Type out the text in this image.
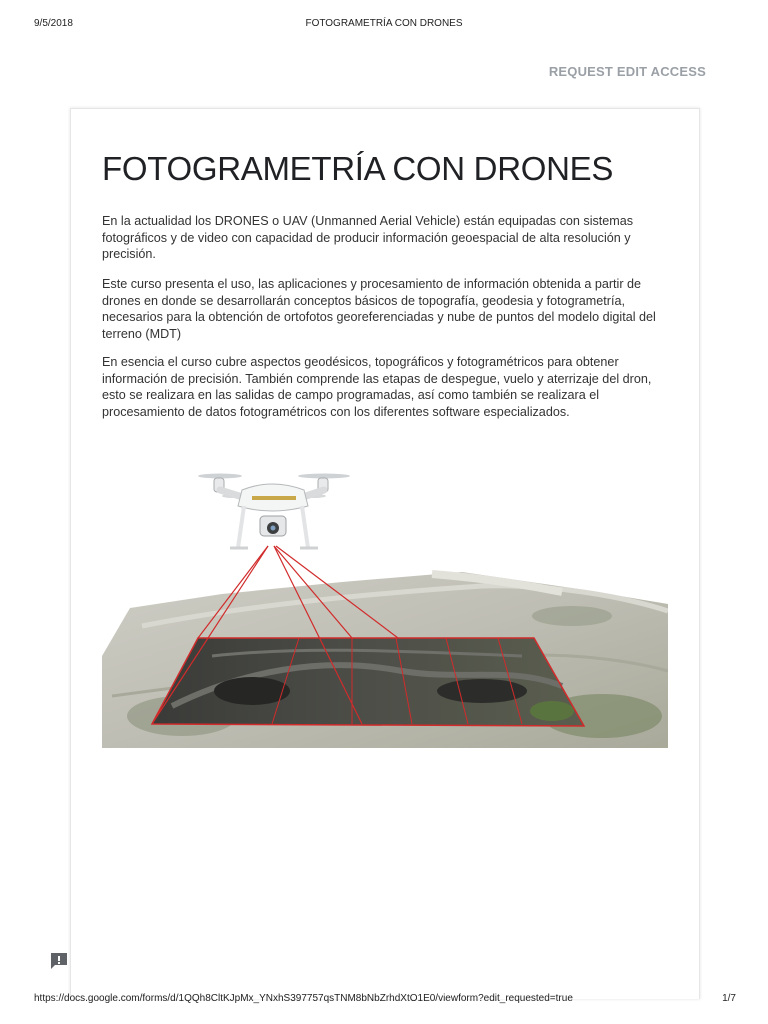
9/5/2018	FOTOGRAMETRÍA CON DRONES
REQUEST EDIT ACCESS
FOTOGRAMETRÍA CON DRONES

En la actualidad los DRONES o UAV (Unmanned Aerial Vehicle) están equipadas con sistemas fotográficos y de video con capacidad de producir información geoespacial de alta resolución y precisión.

Este curso presenta el uso, las aplicaciones y procesamiento de información obtenida a partir de drones en donde se desarrollarán conceptos básicos de topografía, geodesia y fotogrametría, necesarios para la obtención de ortofotos georeferenciadas y nube de puntos del modelo digital del terreno (MDT)

En esencia el curso cubre aspectos geodésicos, topográficos y fotogramétricos para obtener información de precisión. También comprende las etapas de despegue, vuelo y aterrizaje del dron, esto se realizara en las salidas de campo programadas, así como también se realizara el procesamiento de datos fotogramétricos con los diferentes software especializados.

https://docs.google.com/forms/d/1QQh8CltKJpMx_YNxhS397757qsTNM8bNbZrhdXtO1E0/viewform?edit_requested=true	1/7
